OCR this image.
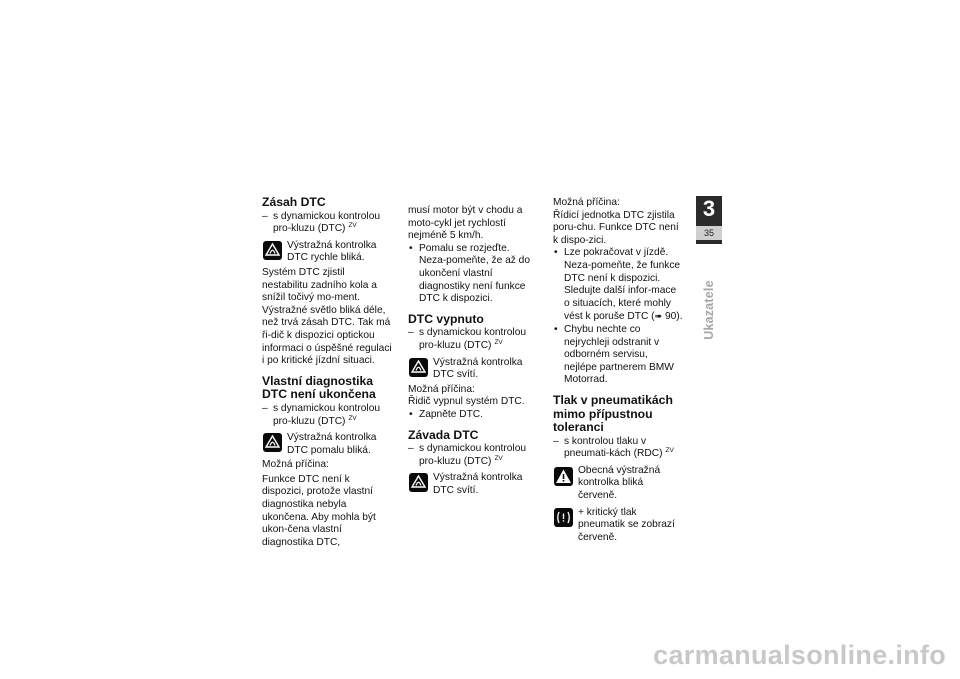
Zásah DTC

– s dynamickou kontrolou pro-kluzu (DTC) $^{ZV}$

Výstražná kontrolka DTC rychle bliká.

Systém DTC zjistil nestabilitu zadního kola a snížil točivý mo-ment. Výstražné světlo bliká déle, než trvá zásah DTC. Tak má ři-dič k dispozici optickou informaci o úspěšné regulaci i po kritické jízdní situaci.

Vlastní diagnostika DTC není ukončena

– s dynamickou kontrolou pro-kluzu (DTC) $^{ZV}$

Výstražná kontrolka DTC pomalu bliká.

Možná příčina:

Funkce DTC není k dispozici, protože vlastní diagnostika nebyla ukončena. Aby mohla být ukon-čena vlastní diagnostika DTC,

musí motor být v chodu a moto-cykl jet rychlostí nejméně 5 km/h.

• Pomalu se rozjeďte. Neza-pomeňte, že až do ukončení vlastní diagnostiky není funkce DTC k dispozici.

DTC vypnuto

– s dynamickou kontrolou pro-kluzu (DTC) $^{ZV}$

Výstražná kontrolka DTC svítí.

Možná příčina:

Řidič vypnul systém DTC.

• Zapněte DTC.

Závada DTC

– s dynamickou kontrolou pro-kluzu (DTC) $^{ZV}$

Výstražná kontrolka DTC svítí.

Možná příčina:

Řídicí jednotka DTC zjistila poru-chu. Funkce DTC není k dispo-zici.

• Lze pokračovat v jízdě. Neza-pomeňte, že funkce DTC není k dispozici. Sledujte další infor-mace o situacích, které mohly vést k poruše DTC (➠ 90).

• Chybu nechte co nejrychleji odstranit v odborném servisu, nejlépe partnerem BMW Motorrad.

Tlak v pneumatikách mimo přípustnou toleranci

– s kontrolou tlaku v pneumati-kách (RDC) $^{ZV}$

Obecná výstražná kontrolka bliká červeně.
+ kritický tlak pneumatik se zobrazí červeně.
3
35
Ukazatele
carmanualsonline.info
